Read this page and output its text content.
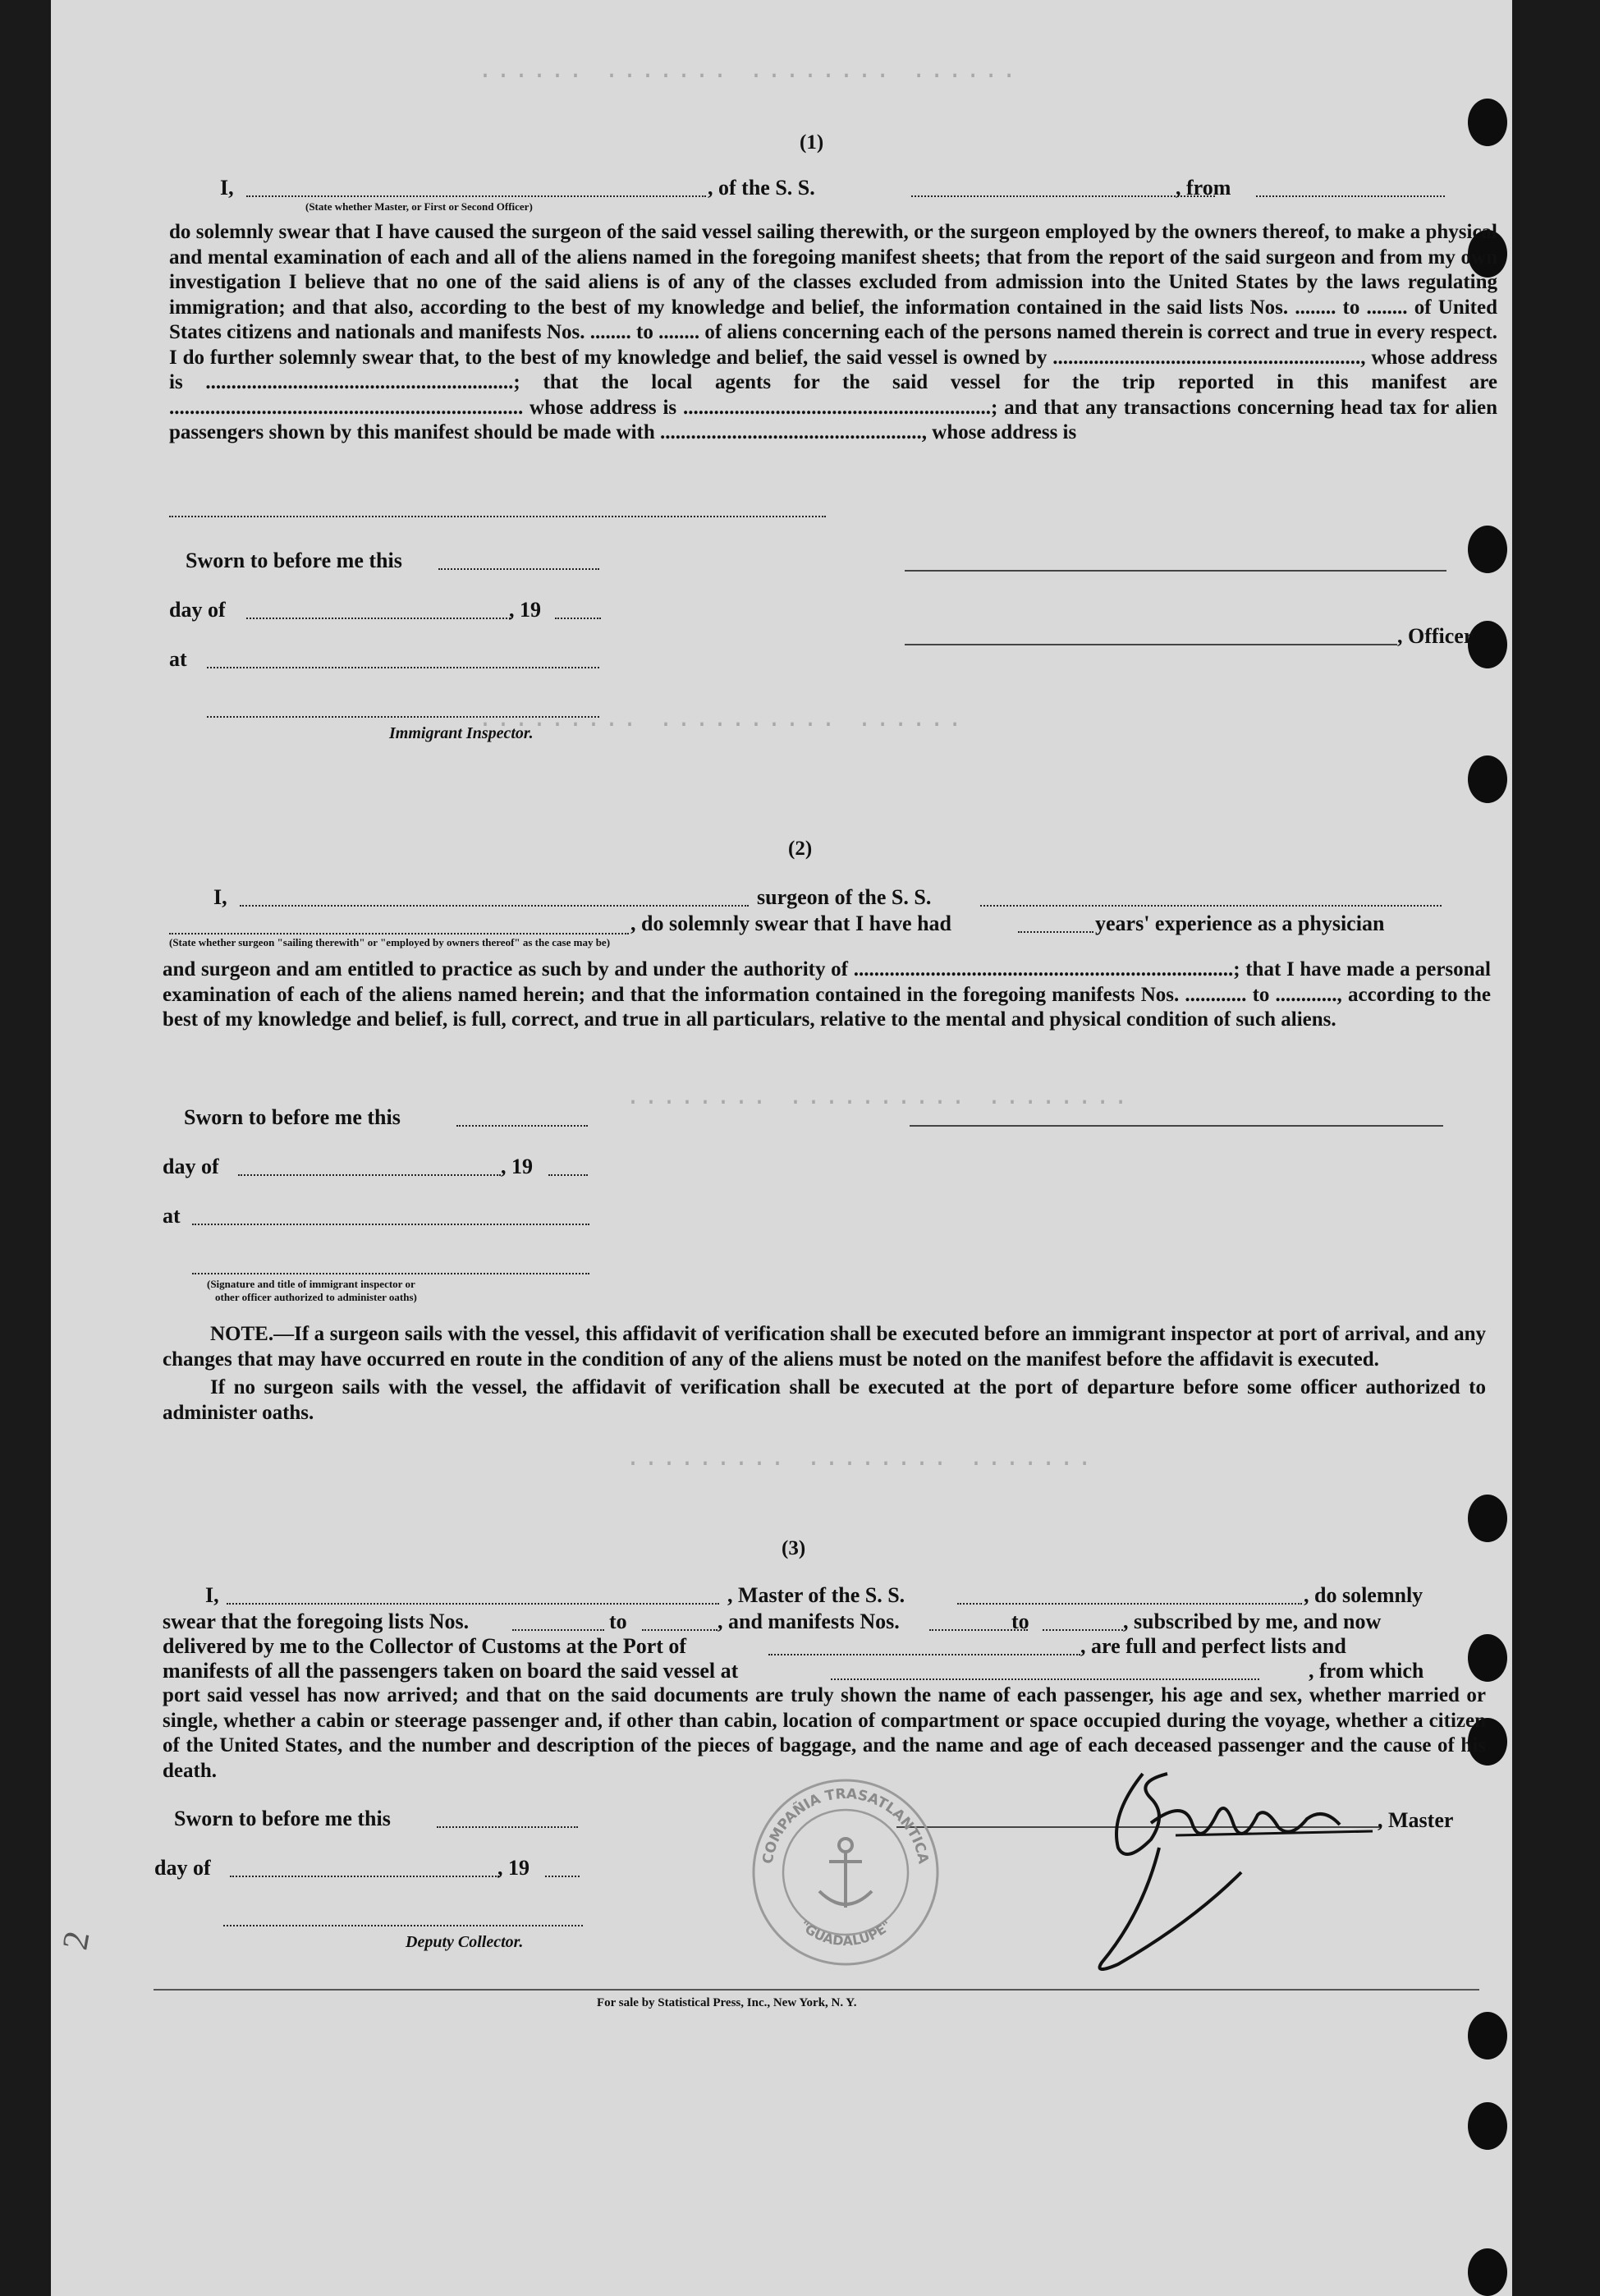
...... ....... ........ ......
......... .......... ......
........ .......... ........
......... ........ .......
(1)
I,
(State whether Master, or First or Second Officer)
, of the S. S.	, from

do solemnly swear that I have caused the surgeon of the said vessel sailing therewith, or the surgeon employed by the owners thereof, to make a physical and mental examination of each and all of the aliens named in the foregoing manifest sheets; that from the report of the said surgeon and from my own investigation I believe that no one of the said aliens is of any of the classes excluded from admission into the United States by the laws regulating immigration; and that also, according to the best of my knowledge and belief, the information contained in the said lists Nos. ........ to ........ of United States citizens and nationals and manifests Nos. ........ to ........ of aliens concerning each of the persons named therein is correct and true in every respect. I do further solemnly swear that, to the best of my knowledge and belief, the said vessel is owned by ............................................................, whose address is ............................................................; that the local agents for the said vessel for the trip reported in this manifest are ..................................................................... whose address is ............................................................; and that any transactions concerning head tax for alien passengers shown by this manifest should be made with ..................................................., whose address is

Sworn to before me this
day of	, 19
at
, Officer
Immigrant Inspector.
(2)
I,	surgeon of the S. S.
(State whether surgeon "sailing therewith" or "employed by owners thereof" as the case may be)
, do solemnly swear that I have had	years' experience as a physician

and surgeon and am entitled to practice as such by and under the authority of ..........................................................................; that I have made a personal examination of each of the aliens named herein; and that the information contained in the foregoing manifests Nos. ............ to ............, according to the best of my knowledge and belief, is full, correct, and true in all particulars, relative to the mental and physical condition of such aliens.

Sworn to before me this
day of	, 19
at
(Signature and title of immigrant inspector or
other officer authorized to administer oaths)

NOTE.—If a surgeon sails with the vessel, this affidavit of verification shall be executed before an immigrant inspector at port of arrival, and any changes that may have occurred en route in the condition of any of the aliens must be noted on the manifest before the affidavit is executed.

If no surgeon sails with the vessel, the affidavit of verification shall be executed at the port of departure before some officer authorized to administer oaths.

(3)
I,	, Master of the S. S.	, do solemnly
swear that the foregoing lists Nos.	to	, and manifests Nos.	to	, subscribed by me, and now
delivered by me to the Collector of Customs at the Port of	, are full and perfect lists and
manifests of all the passengers taken on board the said vessel at	, from which

port said vessel has now arrived; and that on the said documents are truly shown the name of each passenger, his age and sex, whether married or single, whether a cabin or steerage passenger and, if other than cabin, location of compartment or space occupied during the voyage, whether a citizen of the United States, and the number and description of the pieces of baggage, and the name and age of each deceased passenger and the cause of his death.

Sworn to before me this	, Master
day of	, 19
Deputy Collector.
COMPAÑIA TRASATLANTICA
"GUADALUPE"
For sale by Statistical Press, Inc., New York, N. Y.
2
